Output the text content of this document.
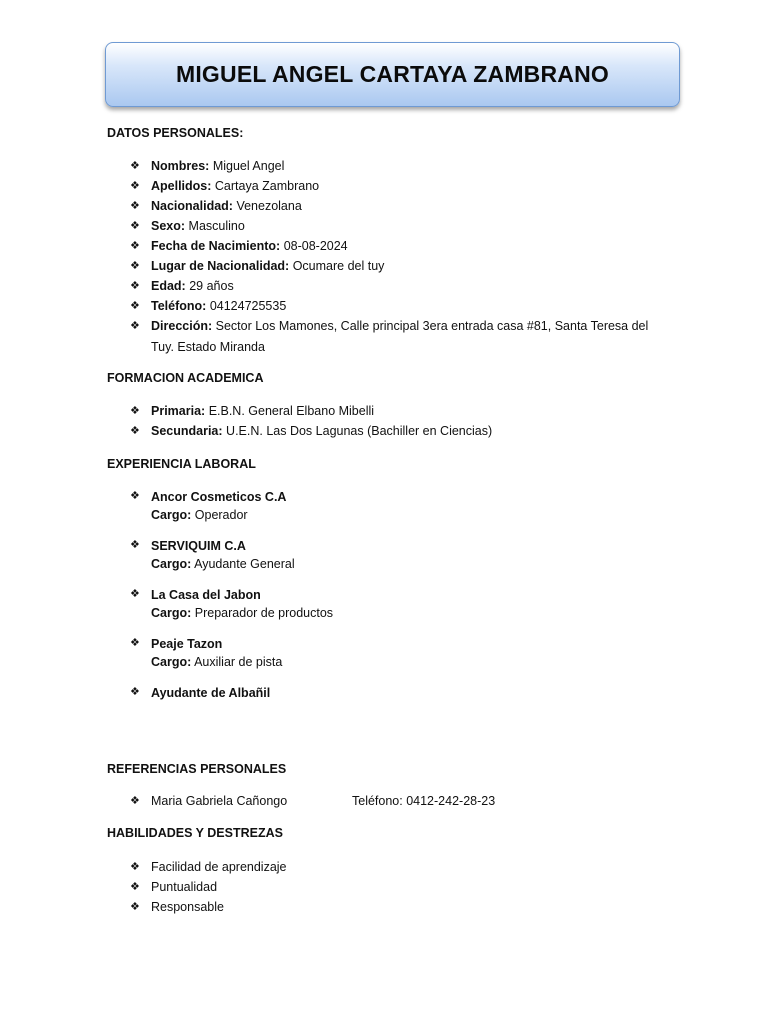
MIGUEL ANGEL CARTAYA ZAMBRANO
DATOS PERSONALES:
❖ Nombres: Miguel Angel
❖ Apellidos: Cartaya Zambrano
❖ Nacionalidad: Venezolana
❖ Sexo: Masculino
❖ Fecha de Nacimiento: 08-08-2024
❖ Lugar de Nacionalidad: Ocumare del tuy
❖ Edad: 29 años
❖ Teléfono: 04124725535
❖ Dirección: Sector Los Mamones, Calle principal 3era entrada casa #81, Santa Teresa del Tuy. Estado Miranda
FORMACION ACADEMICA
❖ Primaria: E.B.N. General Elbano Mibelli
❖ Secundaria: U.E.N. Las Dos Lagunas (Bachiller en Ciencias)
EXPERIENCIA LABORAL
❖ Ancor Cosmeticos C.A
Cargo: Operador
❖ SERVIQUIM C.A
Cargo: Ayudante General
❖ La Casa del Jabon
Cargo: Preparador de productos
❖ Peaje Tazon
Cargo: Auxiliar de pista
❖ Ayudante de Albañil
REFERENCIAS PERSONALES
❖ Maria Gabriela Cañongo	Teléfono: 0412-242-28-23
HABILIDADES Y DESTREZAS
❖ Facilidad de aprendizaje
❖ Puntualidad
❖ Responsable
